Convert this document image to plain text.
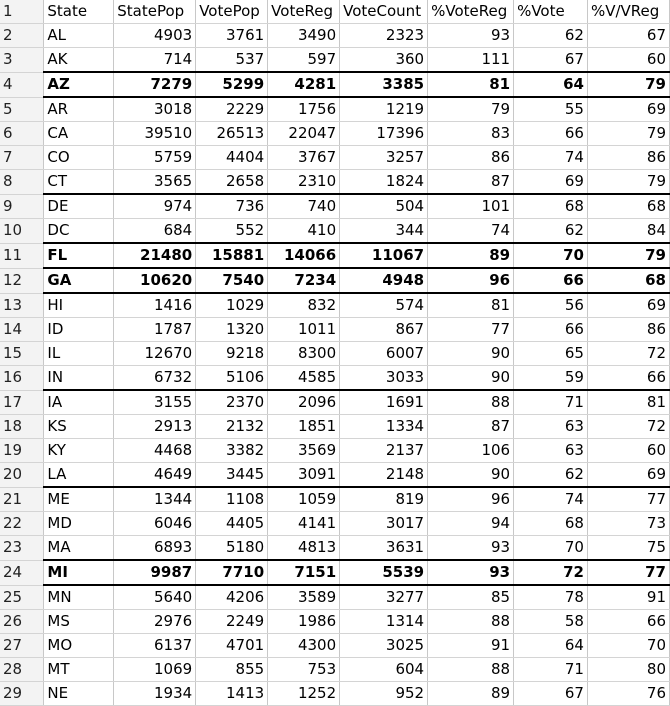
1	State	StatePop	VotePop	VoteReg	VoteCount	%VoteReg	%Vote	%V/VReg
2	AL	4903	3761	3490	2323	93	62	67
3	AK	714	537	597	360	111	67	60
4	AZ	7279	5299	4281	3385	81	64	79
5	AR	3018	2229	1756	1219	79	55	69
6	CA	39510	26513	22047	17396	83	66	79
7	CO	5759	4404	3767	3257	86	74	86
8	CT	3565	2658	2310	1824	87	69	79
9	DE	974	736	740	504	101	68	68
10	DC	684	552	410	344	74	62	84
11	FL	21480	15881	14066	11067	89	70	79
12	GA	10620	7540	7234	4948	96	66	68
13	HI	1416	1029	832	574	81	56	69
14	ID	1787	1320	1011	867	77	66	86
15	IL	12670	9218	8300	6007	90	65	72
16	IN	6732	5106	4585	3033	90	59	66
17	IA	3155	2370	2096	1691	88	71	81
18	KS	2913	2132	1851	1334	87	63	72
19	KY	4468	3382	3569	2137	106	63	60
20	LA	4649	3445	3091	2148	90	62	69
21	ME	1344	1108	1059	819	96	74	77
22	MD	6046	4405	4141	3017	94	68	73
23	MA	6893	5180	4813	3631	93	70	75
24	MI	9987	7710	7151	5539	93	72	77
25	MN	5640	4206	3589	3277	85	78	91
26	MS	2976	2249	1986	1314	88	58	66
27	MO	6137	4701	4300	3025	91	64	70
28	MT	1069	855	753	604	88	71	80
29	NE	1934	1413	1252	952	89	67	76
